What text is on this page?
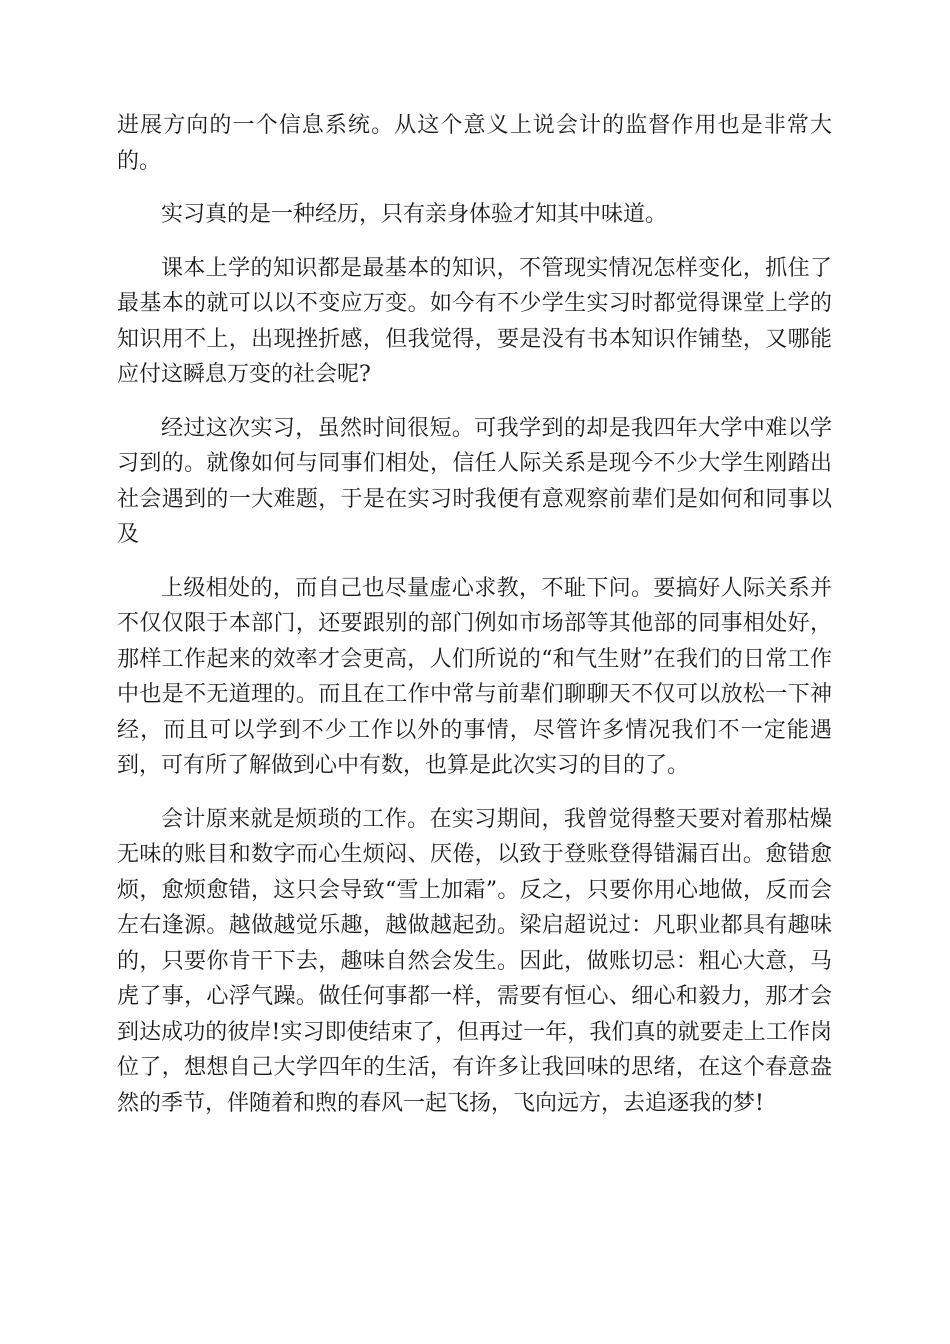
进展方向的一个信息系统。从这个意义上说会计的监督作用也是非常大的。

实习真的是一种经历，只有亲身体验才知其中味道。

课本上学的知识都是最基本的知识，不管现实情况怎样变化，抓住了最基本的就可以以不变应万变。如今有不少学生实习时都觉得课堂上学的知识用不上，出现挫折感，但我觉得，要是没有书本知识作铺垫，又哪能应付这瞬息万变的社会呢?

经过这次实习，虽然时间很短。可我学到的却是我四年大学中难以学习到的。就像如何与同事们相处，信任人际关系是现今不少大学生刚踏出社会遇到的一大难题，于是在实习时我便有意观察前辈们是如何和同事以及

上级相处的，而自己也尽量虚心求教，不耻下问。要搞好人际关系并不仅仅限于本部门，还要跟别的部门例如市场部等其他部的同事相处好，那样工作起来的效率才会更高，人们所说的“和气生财”在我们的日常工作中也是不无道理的。而且在工作中常与前辈们聊聊天不仅可以放松一下神经，而且可以学到不少工作以外的事情，尽管许多情况我们不一定能遇到，可有所了解做到心中有数，也算是此次实习的目的了。

会计原来就是烦琐的工作。在实习期间，我曾觉得整天要对着那枯燥无味的账目和数字而心生烦闷、厌倦，以致于登账登得错漏百出。愈错愈烦，愈烦愈错，这只会导致“雪上加霜”。反之，只要你用心地做，反而会左右逢源。越做越觉乐趣，越做越起劲。梁启超说过：凡职业都具有趣味的，只要你肯干下去，趣味自然会发生。因此，做账切忌：粗心大意，马虎了事，心浮气躁。做任何事都一样，需要有恒心、细心和毅力，那才会到达成功的彼岸!实习即使结束了，但再过一年，我们真的就要走上工作岗位了，想想自己大学四年的生活，有许多让我回味的思绪，在这个春意盎然的季节，伴随着和煦的春风一起飞扬，飞向远方，去追逐我的梦!
